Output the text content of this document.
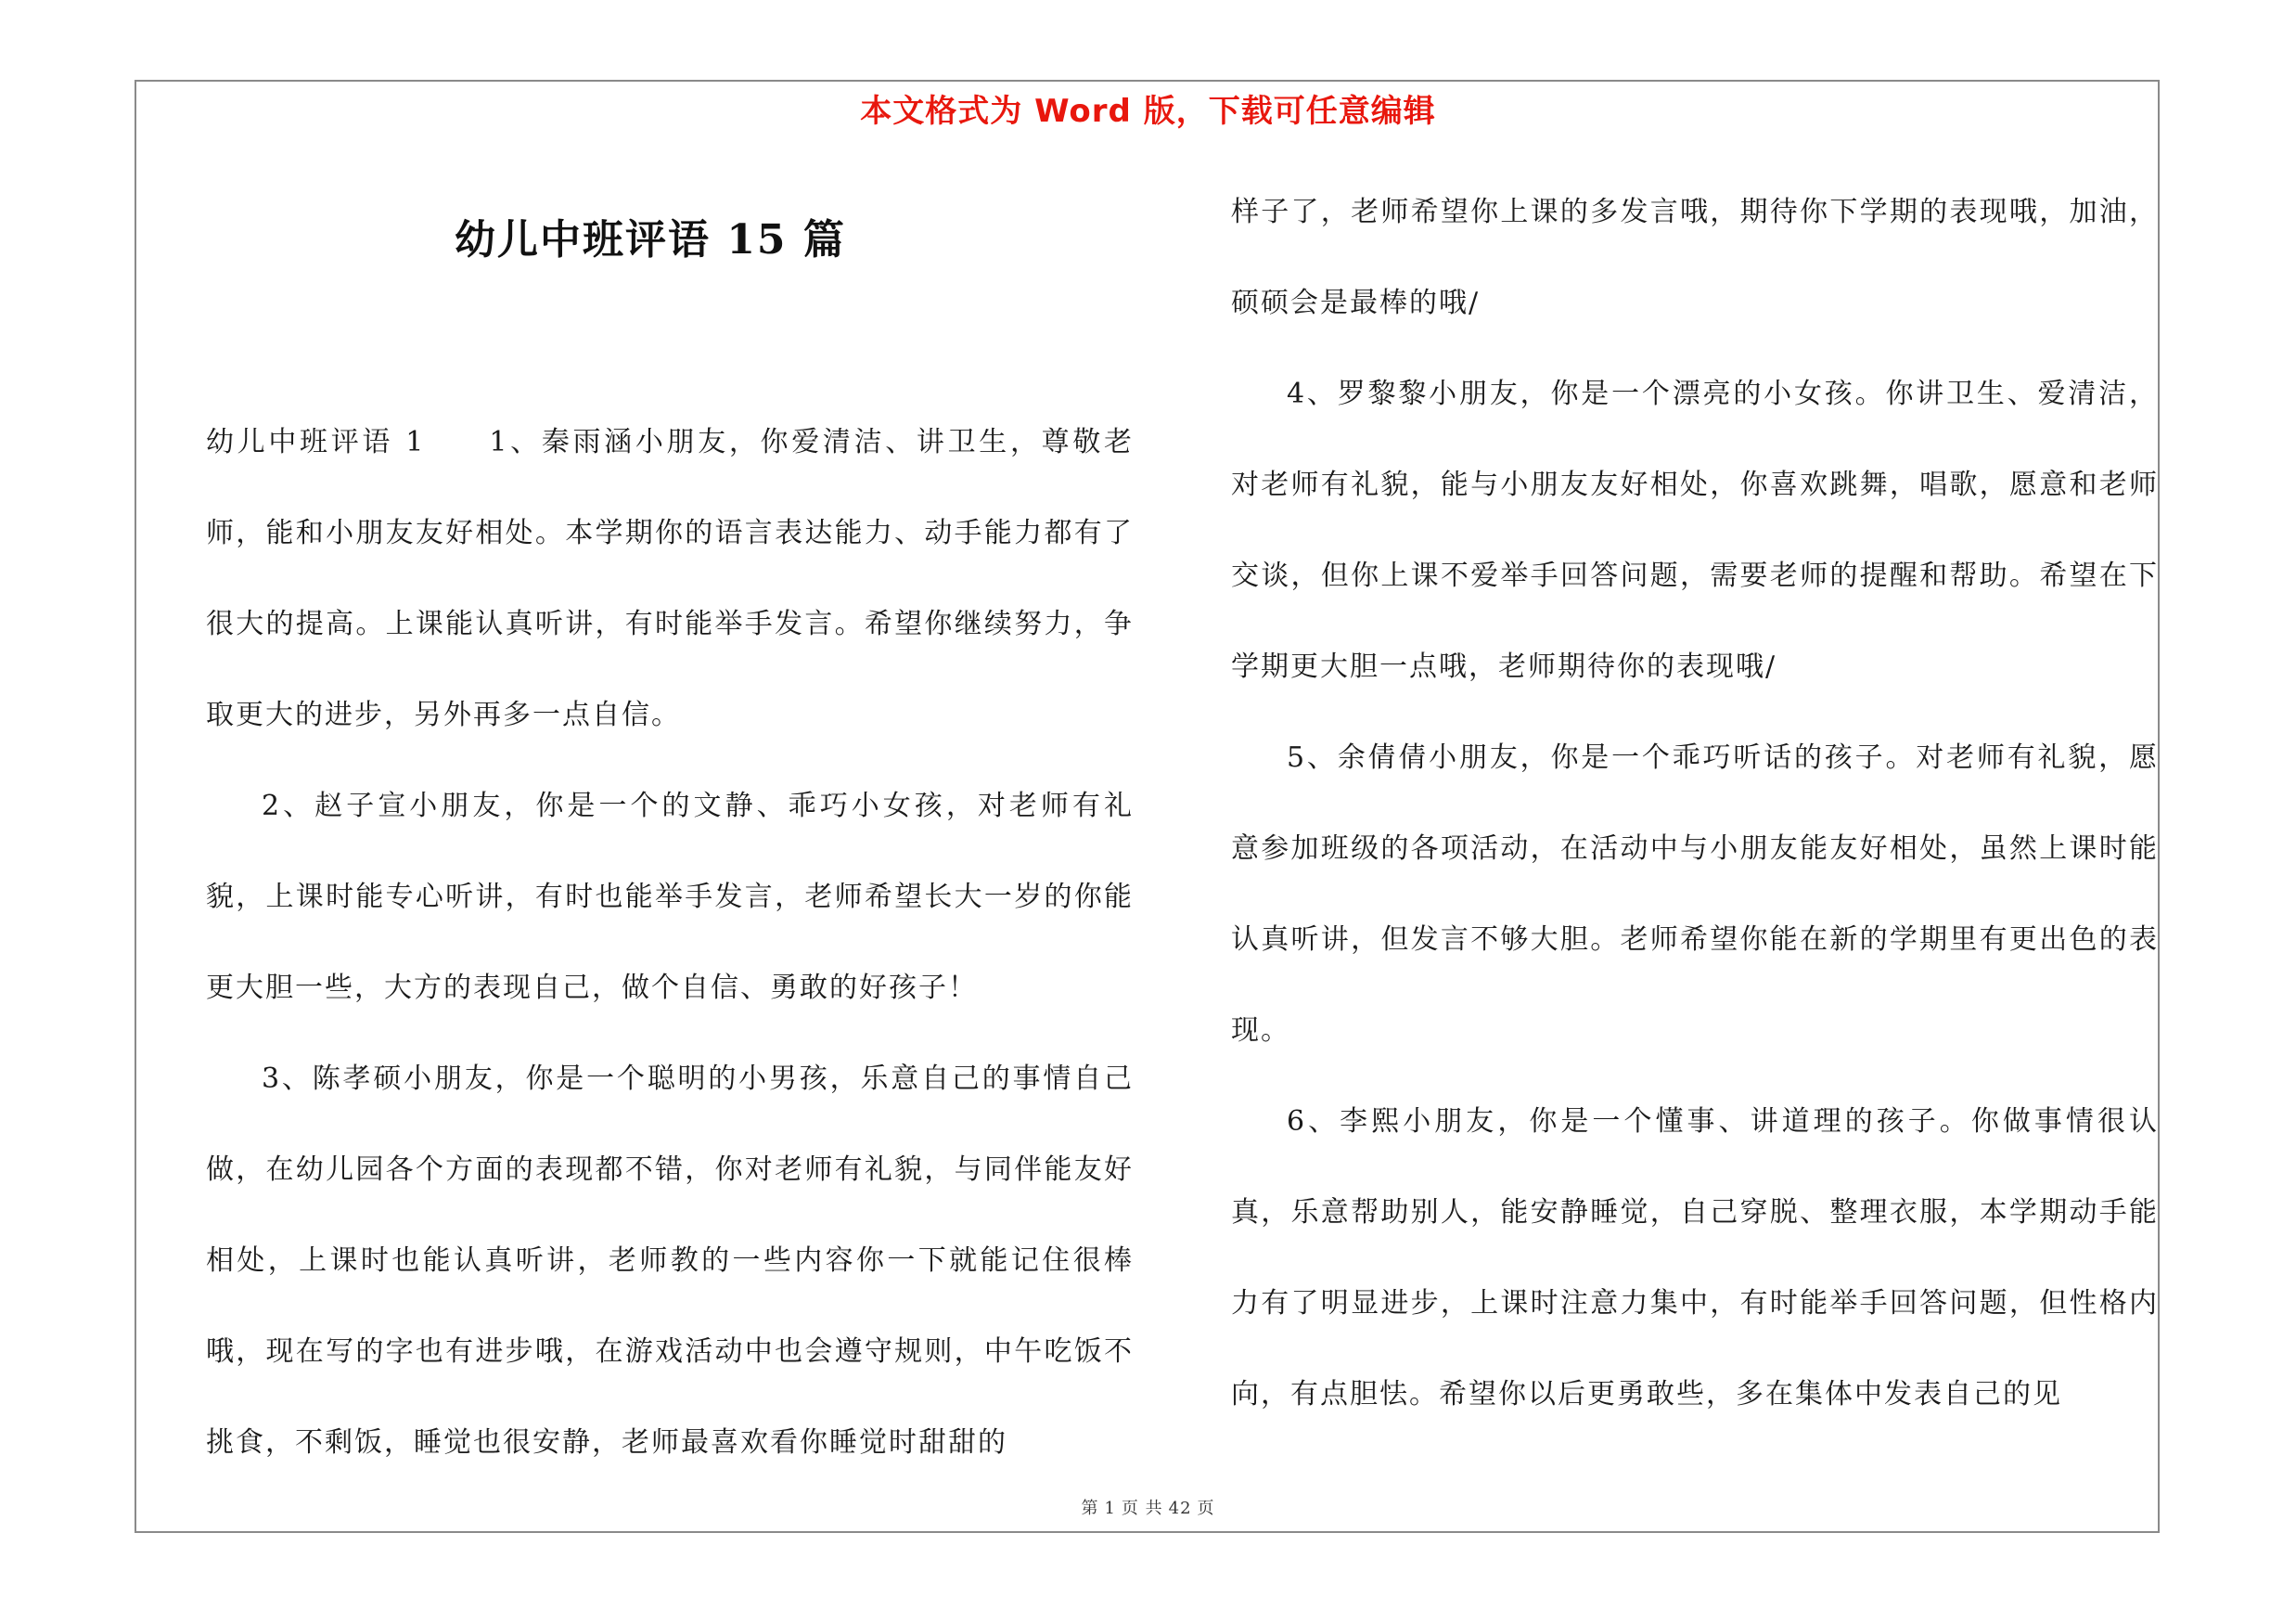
本文格式为 Word 版，下载可任意编辑
幼儿中班评语 15 篇

幼儿中班评语 1　　1、秦雨涵小朋友，你爱清洁、讲卫生，尊敬老师，能和小朋友友好相处。本学期你的语言表达能力、动手能力都有了很大的提高。上课能认真听讲，有时能举手发言。希望你继续努力，争取更大的进步，另外再多一点自信。

2、赵子宣小朋友，你是一个的文静、乖巧小女孩，对老师有礼貌，上课时能专心听讲，有时也能举手发言，老师希望长大一岁的你能更大胆一些，大方的表现自己，做个自信、勇敢的好孩子！

3、陈孝硕小朋友，你是一个聪明的小男孩，乐意自己的事情自己做，在幼儿园各个方面的表现都不错，你对老师有礼貌，与同伴能友好相处，上课时也能认真听讲，老师教的一些内容你一下就能记住很棒哦，现在写的字也有进步哦，在游戏活动中也会遵守规则，中午吃饭不挑食，不剩饭，睡觉也很安静，老师最喜欢看你睡觉时甜甜的

样子了，老师希望你上课的多发言哦，期待你下学期的表现哦，加油，硕硕会是最棒的哦/

4、罗黎黎小朋友，你是一个漂亮的小女孩。你讲卫生、爱清洁，对老师有礼貌，能与小朋友友好相处，你喜欢跳舞，唱歌，愿意和老师交谈，但你上课不爱举手回答问题，需要老师的提醒和帮助。希望在下学期更大胆一点哦，老师期待你的表现哦/

5、余倩倩小朋友，你是一个乖巧听话的孩子。对老师有礼貌，愿意参加班级的各项活动，在活动中与小朋友能友好相处，虽然上课时能认真听讲，但发言不够大胆。老师希望你能在新的学期里有更出色的表现。

6、李熙小朋友，你是一个懂事、讲道理的孩子。你做事情很认真，乐意帮助别人，能安静睡觉，自己穿脱、整理衣服，本学期动手能力有了明显进步，上课时注意力集中，有时能举手回答问题，但性格内向，有点胆怯。希望你以后更勇敢些，多在集体中发表自己的见

第 1 页 共 42 页
